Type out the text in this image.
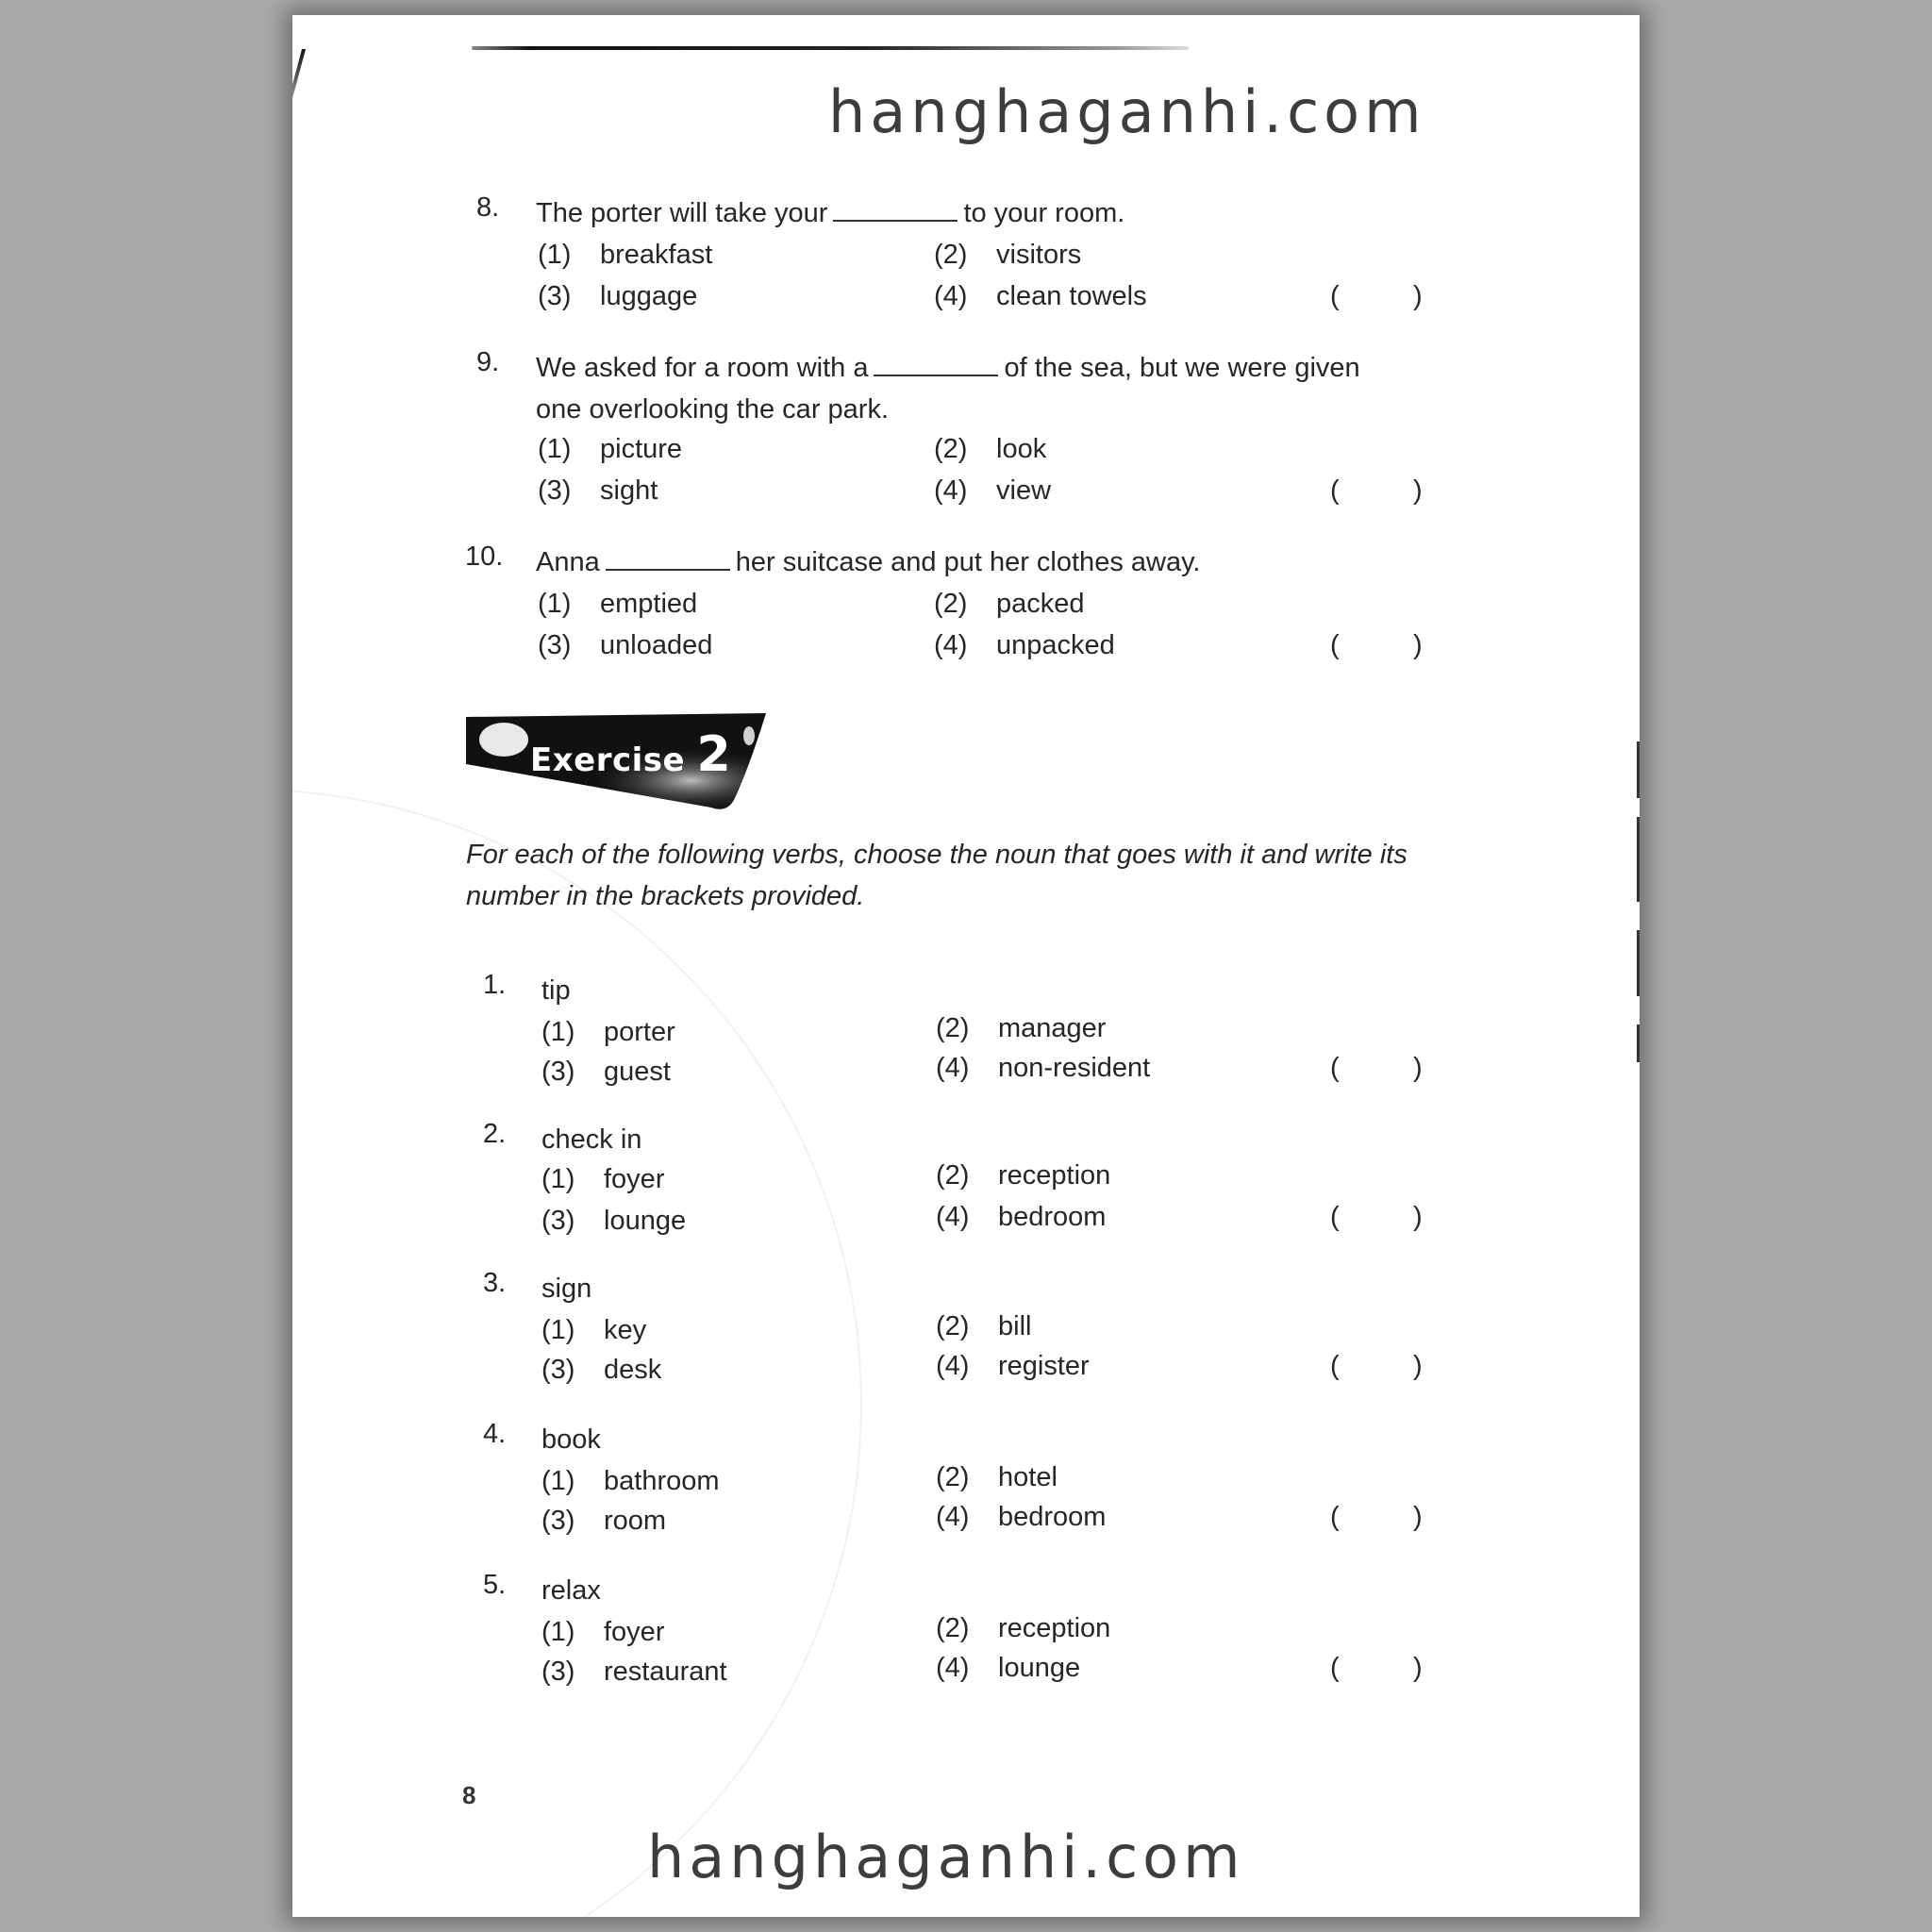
hanghaganhi.com
8. The porter will take your	to your room.
(1) breakfast	(2) visitors
(3) luggage	(4) clean towels	(	)
9. We asked for a room with a	of the sea, but we were given one overlooking the car park.
(1) picture	(2) look
(3) sight	(4) view	(	)
10. Anna	her suitcase and put her clothes away.
(1) emptied	(2) packed
(3) unloaded	(4) unpacked	(	)
Exercise 2
For each of the following verbs, choose the noun that goes with it and write its number in the brackets provided.
1. tip
(1) porter	(2) manager
(3) guest	(4) non-resident	(	)
2. check in
(1) foyer	(2) reception
(3) lounge	(4) bedroom	(	)
3. sign
(1) key	(2) bill
(3) desk	(4) register	(	)
4. book
(1) bathroom	(2) hotel
(3) room	(4) bedroom	(	)
5. relax
(1) foyer	(2) reception
(3) restaurant	(4) lounge	(	)
8
hanghaganhi.com
